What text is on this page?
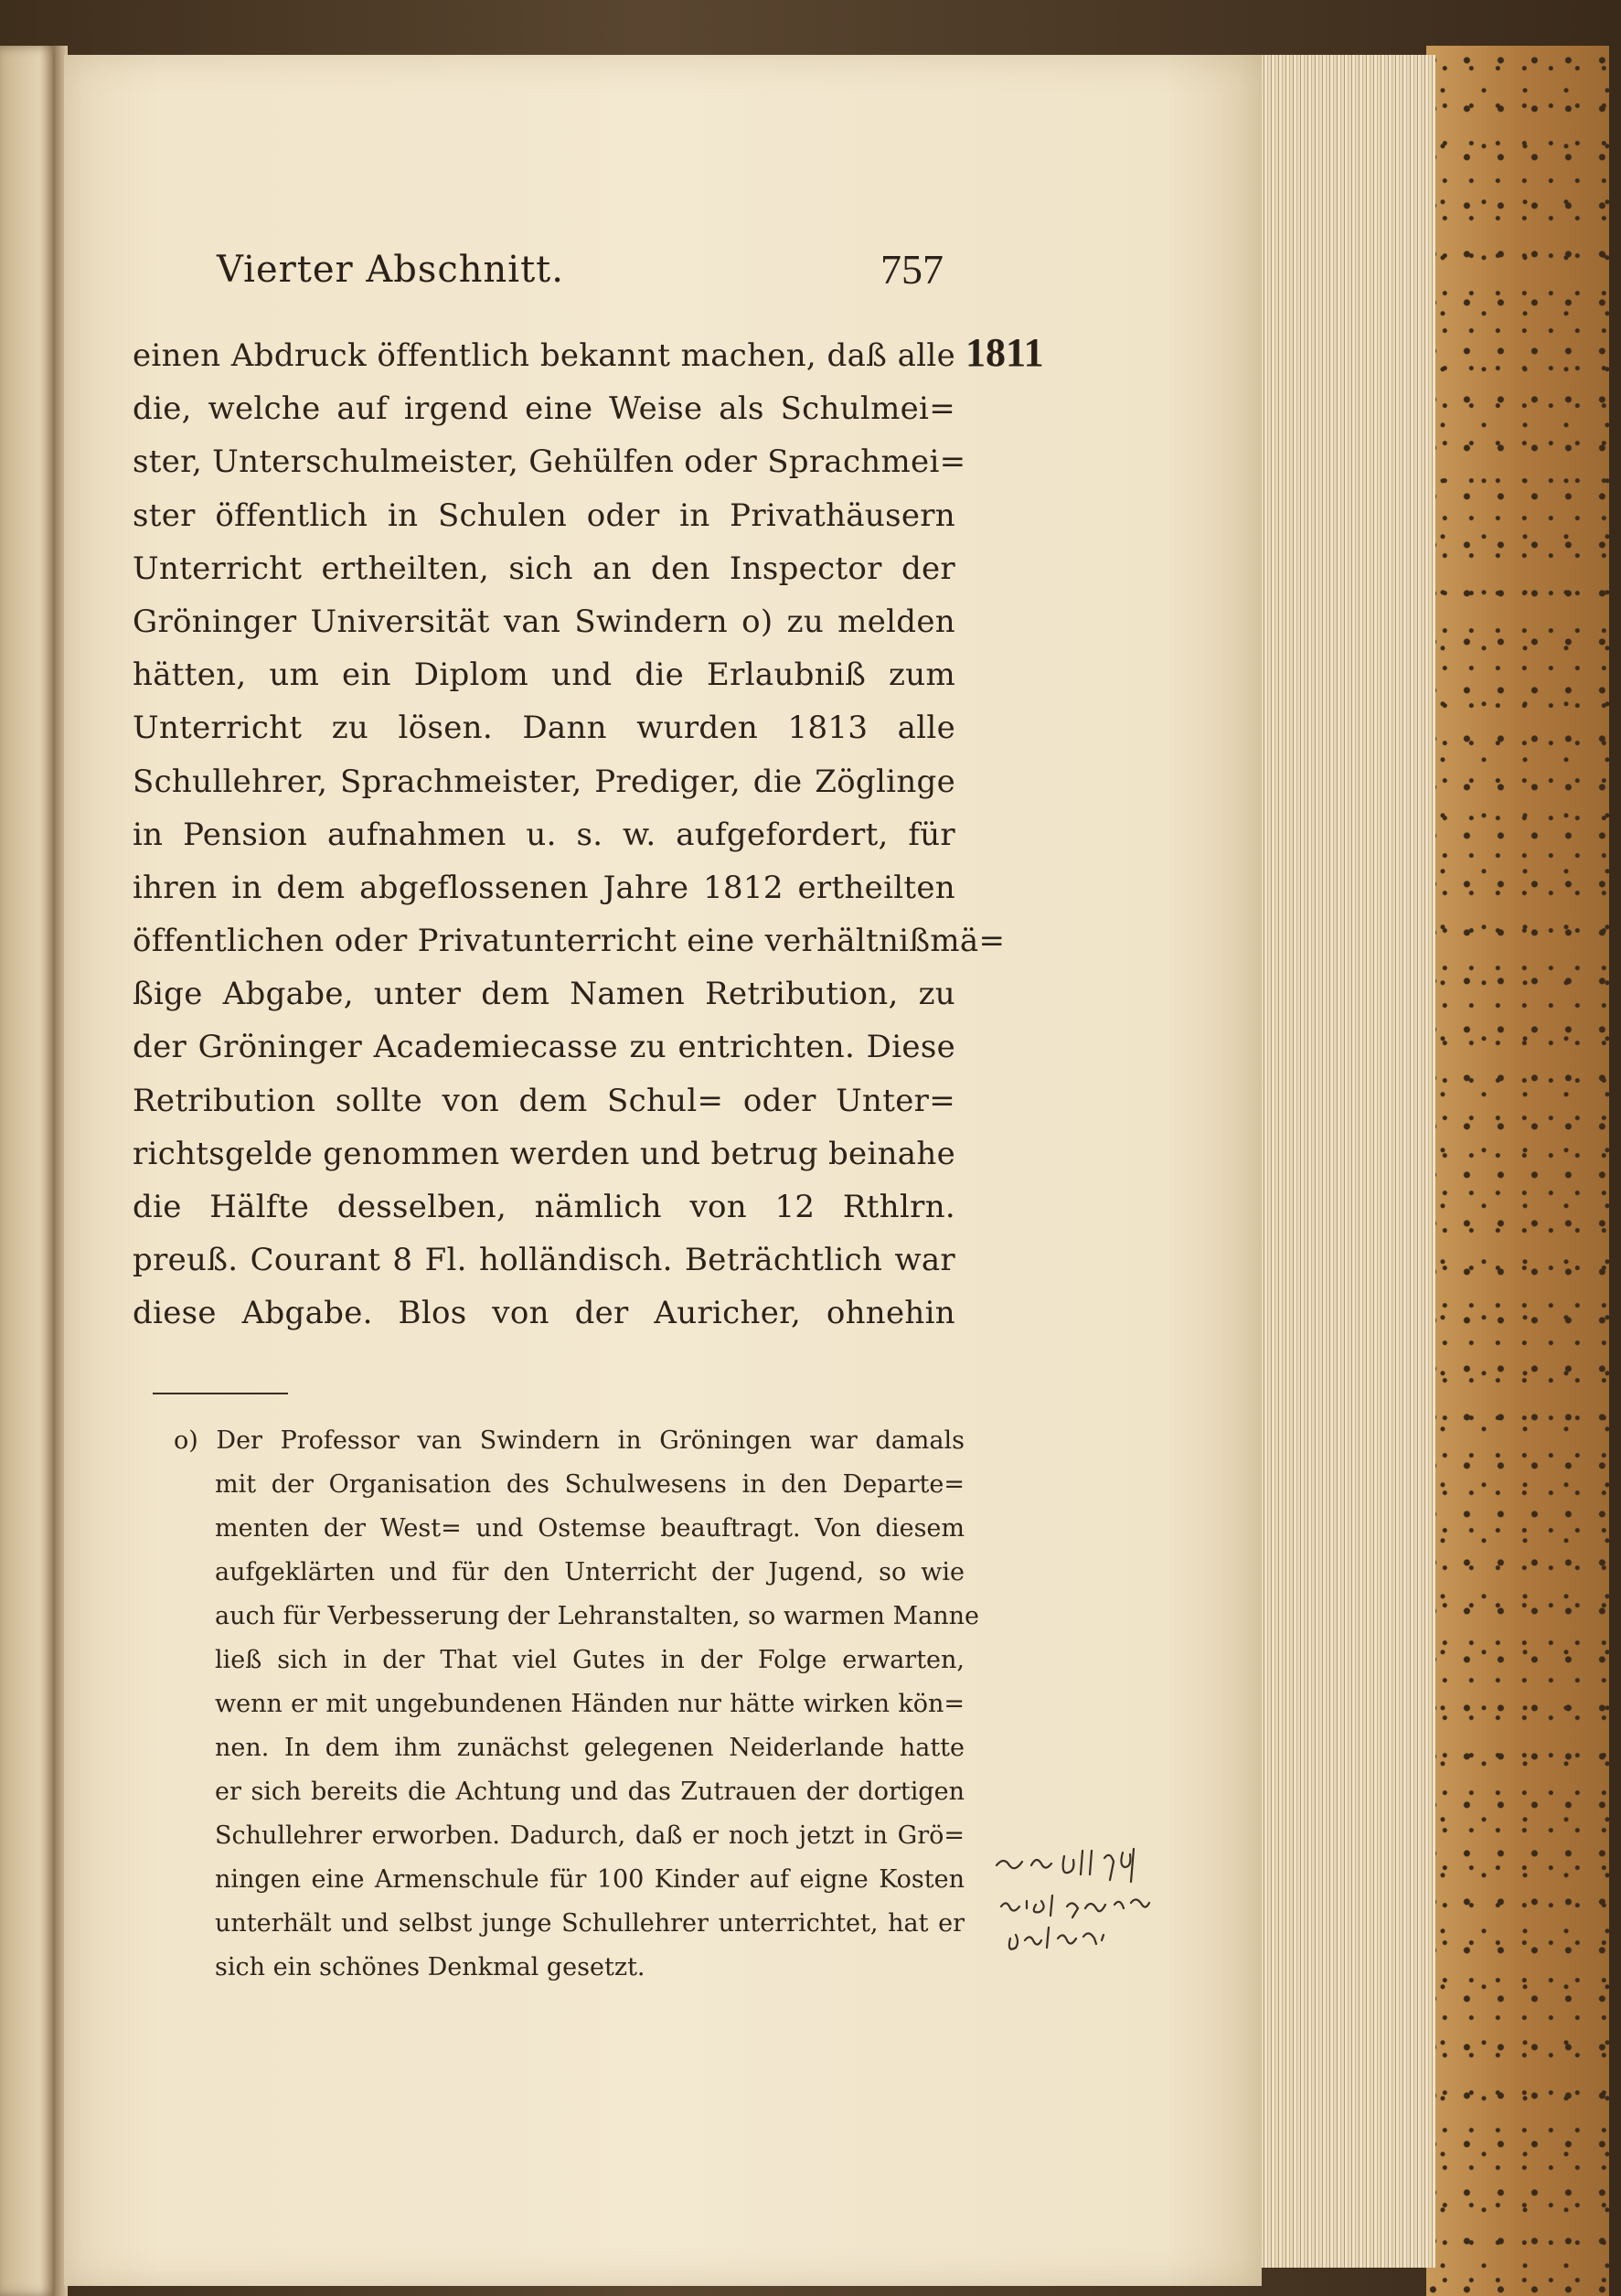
Vierter Abschnitt.	757
1811
einen Abdruck öffentlich bekannt machen, daß alle
die, welche auf irgend eine Weise als Schulmei=
ster, Unterschulmeister, Gehülfen oder Sprachmei=
ster öffentlich in Schulen oder in Privathäusern
Unterricht ertheilten, sich an den Inspector der
Gröninger Universität van Swindern o) zu melden
hätten, um ein Diplom und die Erlaubniß zum
Unterricht zu lösen. Dann wurden 1813 alle
Schullehrer, Sprachmeister, Prediger, die Zöglinge
in Pension aufnahmen u. s. w. aufgefordert, für
ihren in dem abgeflossenen Jahre 1812 ertheilten
öffentlichen oder Privatunterricht eine verhältnißmä=
ßige Abgabe, unter dem Namen Retribution, zu
der Gröninger Academiecasse zu entrichten. Diese
Retribution sollte von dem Schul= oder Unter=
richtsgelde genommen werden und betrug beinahe
die Hälfte desselben, nämlich von 12 Rthlrn.
preuß. Courant 8 Fl. holländisch. Beträchtlich war
diese Abgabe. Blos von der Auricher, ohnehin
o) Der Professor van Swindern in Gröningen war damals
mit der Organisation des Schulwesens in den Departe=
menten der West= und Ostemse beauftragt. Von diesem
aufgeklärten und für den Unterricht der Jugend, so wie
auch für Verbesserung der Lehranstalten, so warmen Manne
ließ sich in der That viel Gutes in der Folge erwarten,
wenn er mit ungebundenen Händen nur hätte wirken kön=
nen. In dem ihm zunächst gelegenen Neiderlande hatte
er sich bereits die Achtung und das Zutrauen der dortigen
Schullehrer erworben. Dadurch, daß er noch jetzt in Grö=
ningen eine Armenschule für 100 Kinder auf eigne Kosten
unterhält und selbst junge Schullehrer unterrichtet, hat er
sich ein schönes Denkmal gesetzt.
